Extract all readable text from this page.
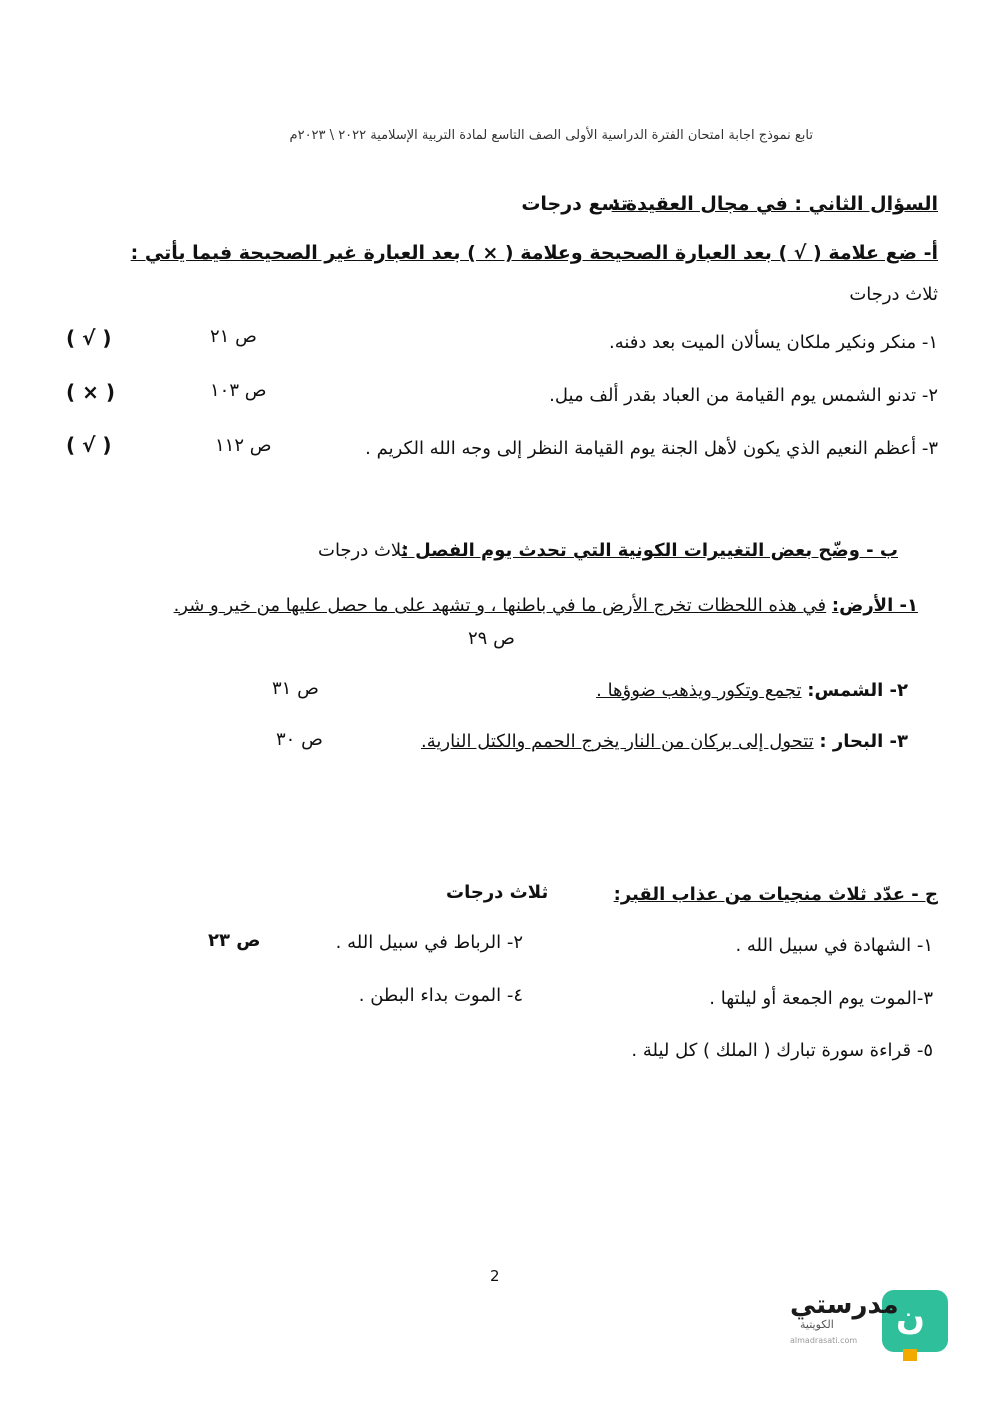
تابع نموذج اجابة امتحان الفترة الدراسية الأولى الصف التاسع لمادة التربية الإسلامية ٢٠٢٢ \ ٢٠٢٣م
السؤال الثاني : في مجال العقيدة :
تسع درجات
أ- ضع علامة ( √ ) بعد العبارة الصحيحة وعلامة ( × ) بعد العبارة غير الصحيحة فيما يأتي :
ثلاث درجات
١- منكر ونكير ملكان يسألان الميت بعد دفنه.
ص ٢١
( √ )
٢- تدنو الشمس يوم القيامة من العباد بقدر ألف ميل.
ص ١٠٣
( × )
٣- أعظم النعيم الذي يكون لأهل الجنة يوم القيامة النظر إلى وجه الله الكريم .
ص ١١٢
( √ )
ب - وضّح بعض التغييرات الكونية التي تحدث يوم الفصل :
ثلاث درجات
١- الأرض: في هذه اللحظات تخرج الأرض ما في باطنها ، و تشهد على ما حصل عليها من خير و شر.
ص ٢٩
٢- الشمس: تجمع وتكور ويذهب ضوؤها .
ص ٣١
٣- البحار : تتحول إلى بركان من النار يخرج الحمم والكتل النارية.
ص ٣٠
ج - عدّد ثلاث منجيات من عذاب القبر:
ثلاث درجات
١- الشهادة في سبيل الله .
٢- الرباط في سبيل الله .
ص ٢٣
٣-الموت يوم الجمعة أو ليلتها .
٤- الموت بداء البطن .
٥- قراءة سورة تبارك ( الملك ) كل ليلة .
2
ن
مدرستي
الكويتية
almadrasati.com
